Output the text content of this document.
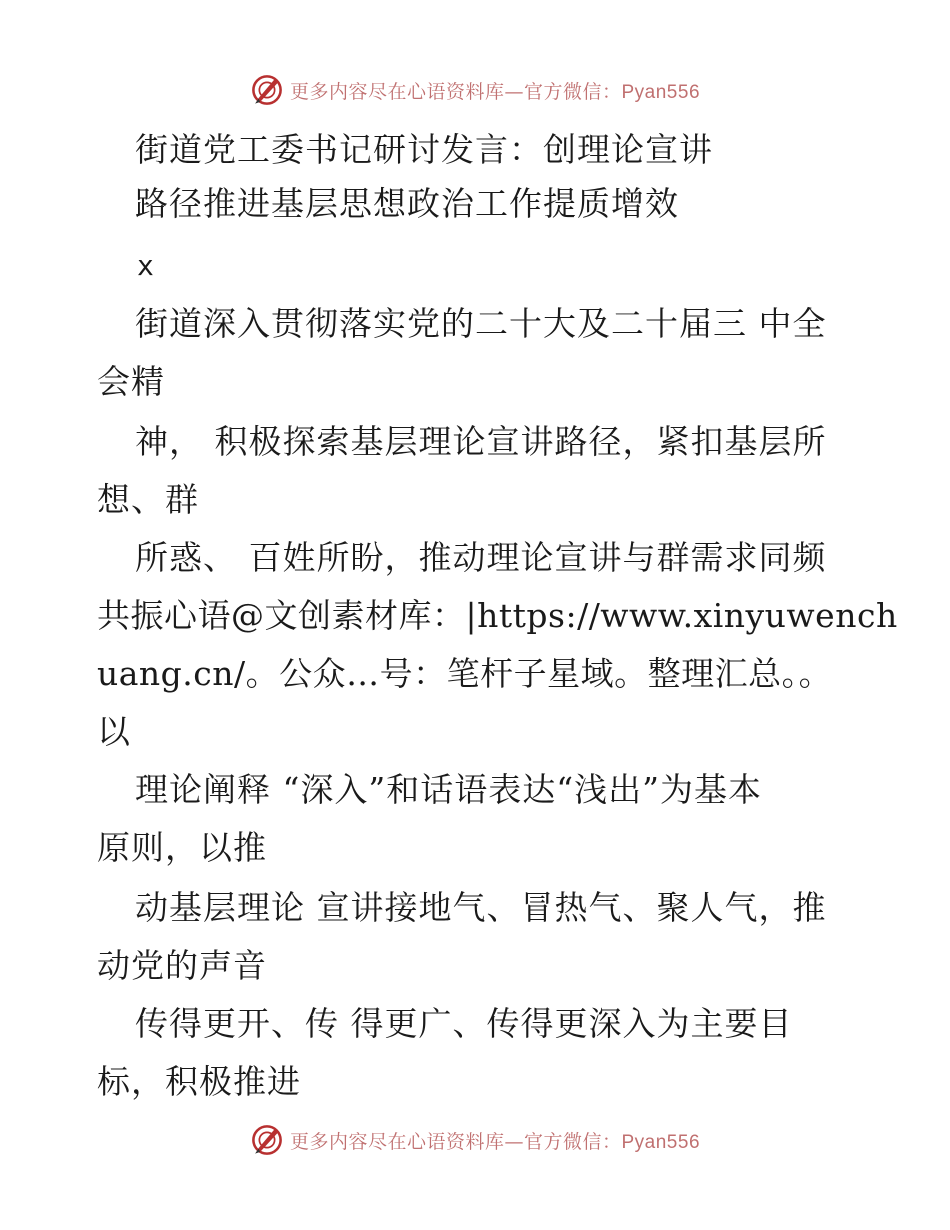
更多内容尽在心语资料库—官方微信：Pyan556
街道党工委书记研讨发言：创理论宣讲
路径推进基层思想政治工作提质增效
x
街道深入贯彻落实党的二十大及二十届三 中全
会精
神， 积极探索基层理论宣讲路径，紧扣基层所
想、群
所惑、 百姓所盼，推动理论宣讲与群需求同频
共振心语@文创素材库：|https://www.xinyuwench
uang.cn/。公众…号：笔杆子星域。整理汇总。。
以
理论阐释 “深入”和话语表达“浅出”为基本
原则，以推
动基层理论 宣讲接地气、冒热气、聚人气，推
动党的声音
传得更开、传 得更广、传得更深入为主要目
标，积极推进
更多内容尽在心语资料库—官方微信：Pyan556
